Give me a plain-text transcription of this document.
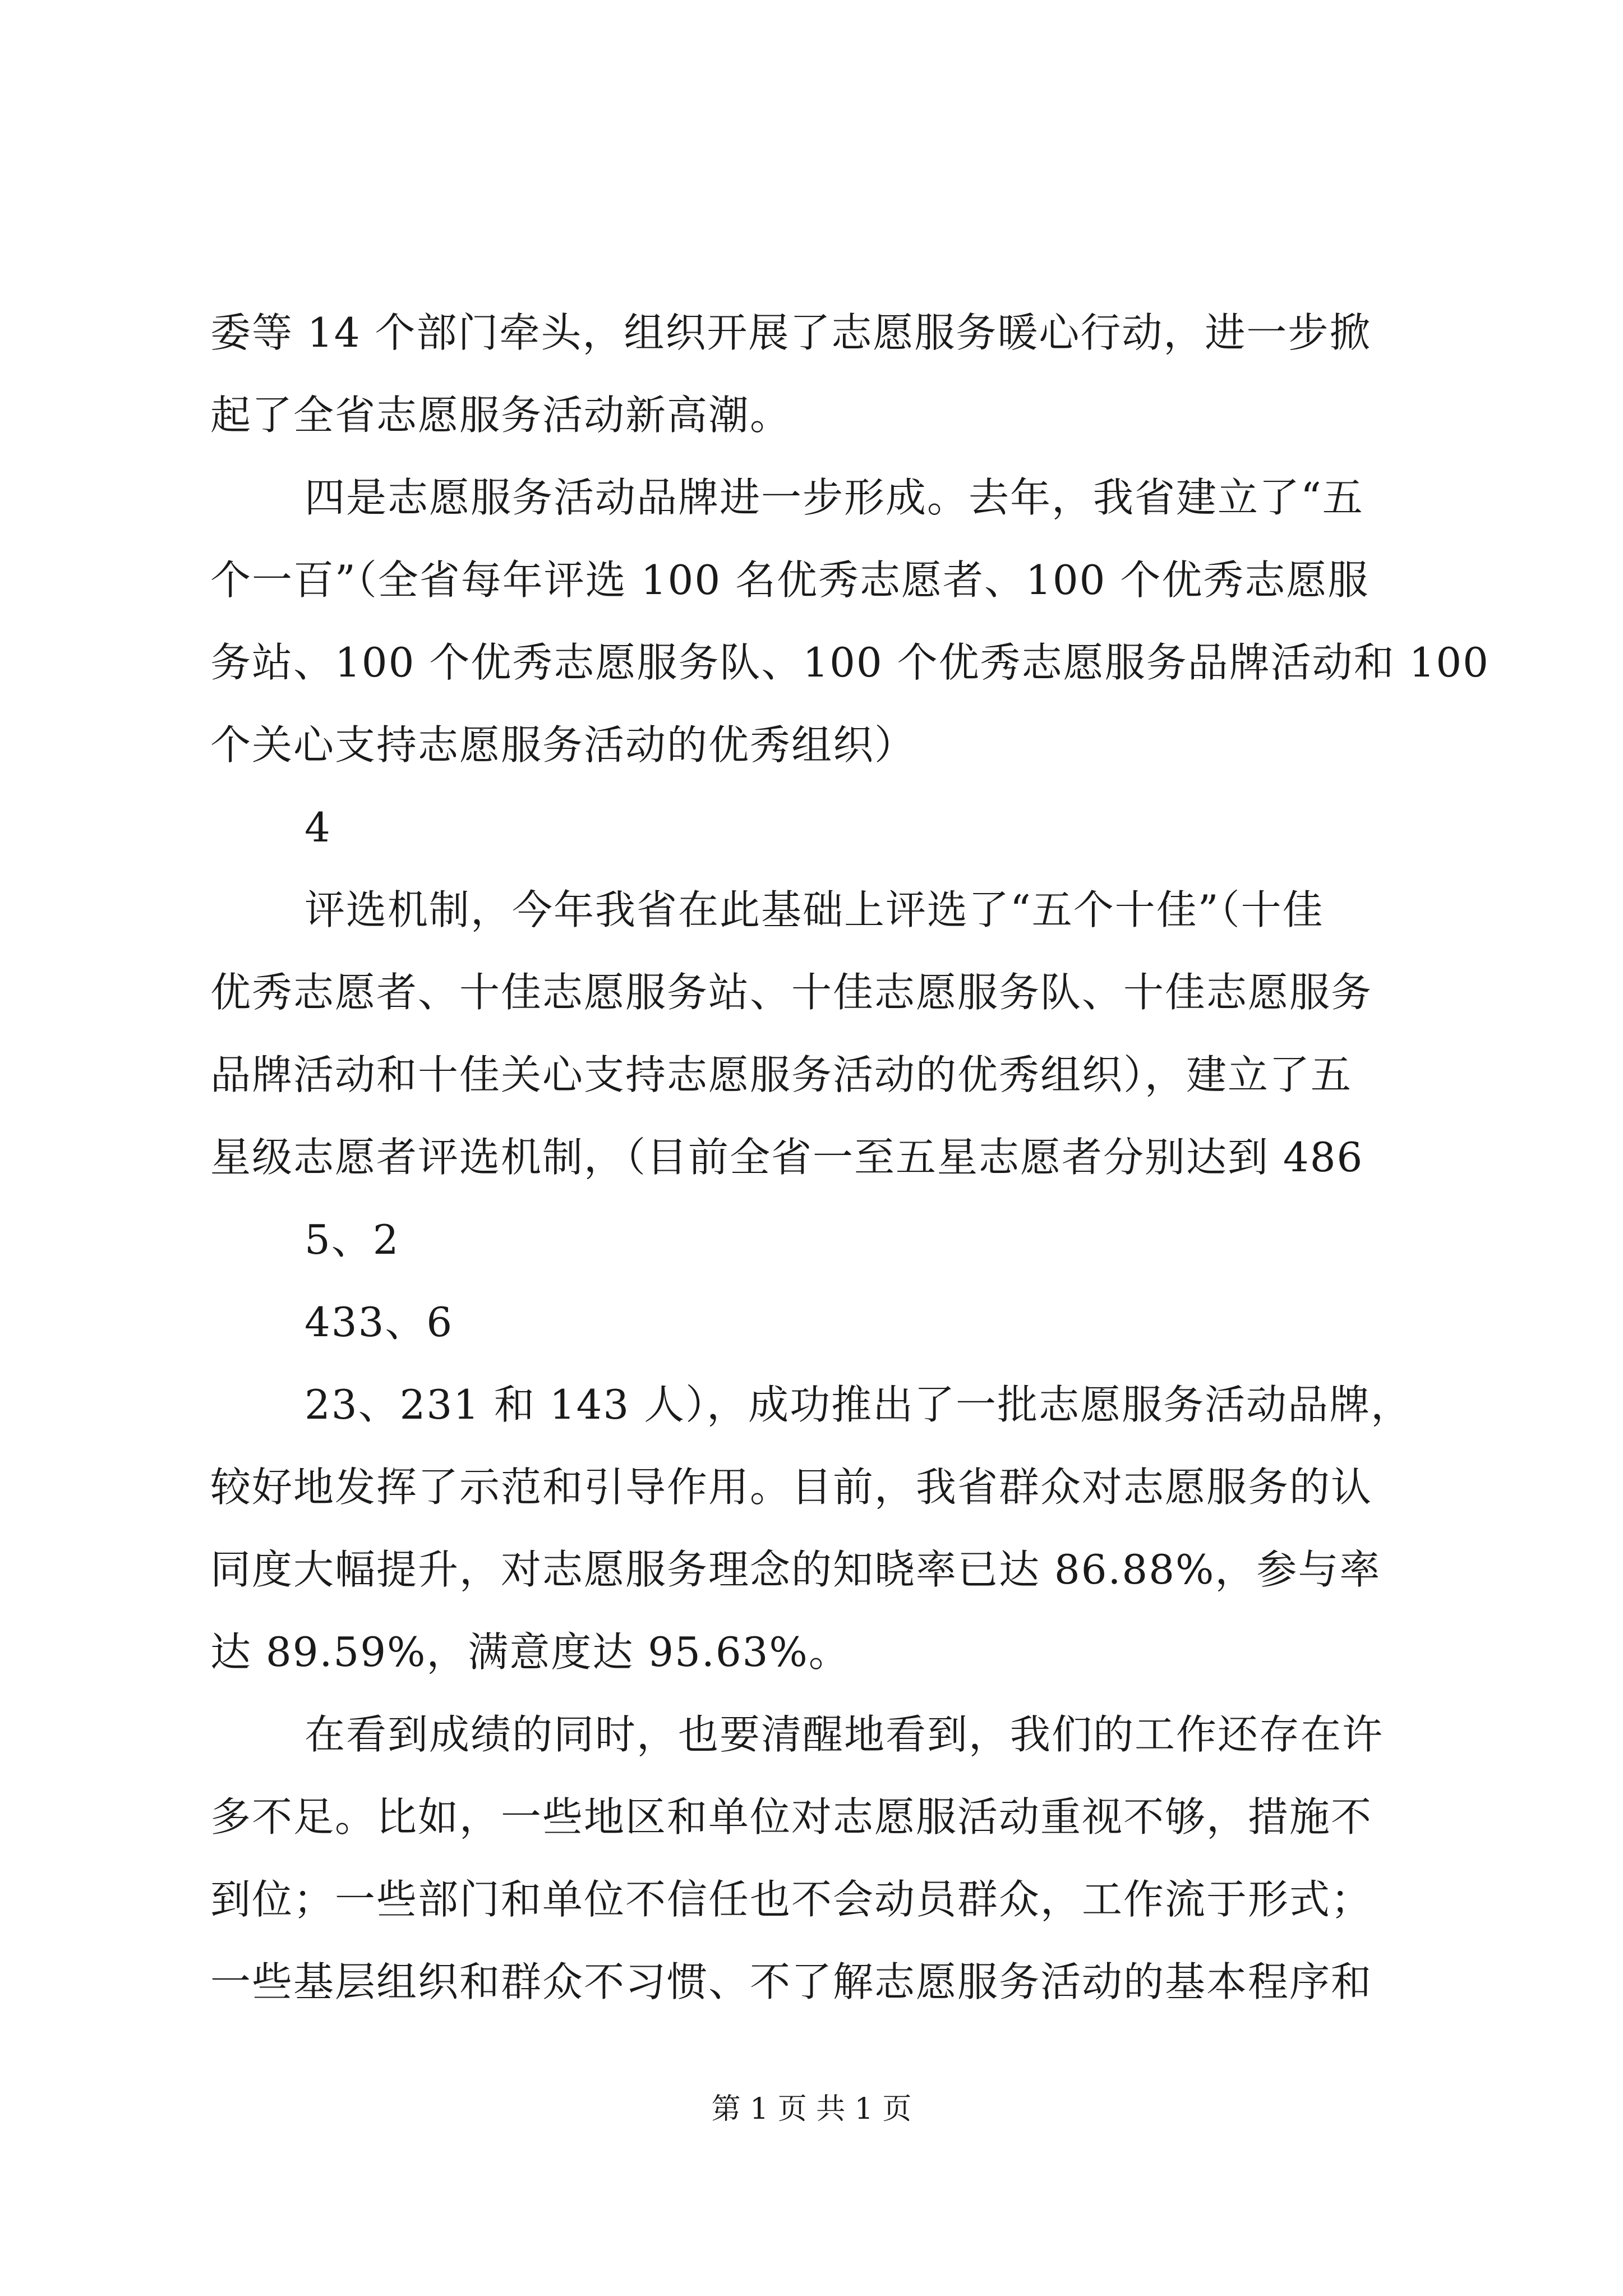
委等 14 个部门牵头，组织开展了志愿服务暖心行动，进一步掀
起了全省志愿服务活动新高潮。
四是志愿服务活动品牌进一步形成。去年，我省建立了“五
个一百”（全省每年评选 100 名优秀志愿者、100 个优秀志愿服
务站、100 个优秀志愿服务队、100 个优秀志愿服务品牌活动和 100
个关心支持志愿服务活动的优秀组织）
4
评选机制，今年我省在此基础上评选了“五个十佳”（十佳
优秀志愿者、十佳志愿服务站、十佳志愿服务队、十佳志愿服务
品牌活动和十佳关心支持志愿服务活动的优秀组织），建立了五
星级志愿者评选机制，（目前全省一至五星志愿者分别达到 486
5、2
433、6
23、231 和 143 人），成功推出了一批志愿服务活动品牌，
较好地发挥了示范和引导作用。目前，我省群众对志愿服务的认
同度大幅提升，对志愿服务理念的知晓率已达 86.88%，参与率
达 89.59%，满意度达 95.63%。
在看到成绩的同时，也要清醒地看到，我们的工作还存在许
多不足。比如，一些地区和单位对志愿服活动重视不够，措施不
到位；一些部门和单位不信任也不会动员群众，工作流于形式；
一些基层组织和群众不习惯、不了解志愿服务活动的基本程序和
第 1 页 共 1 页
